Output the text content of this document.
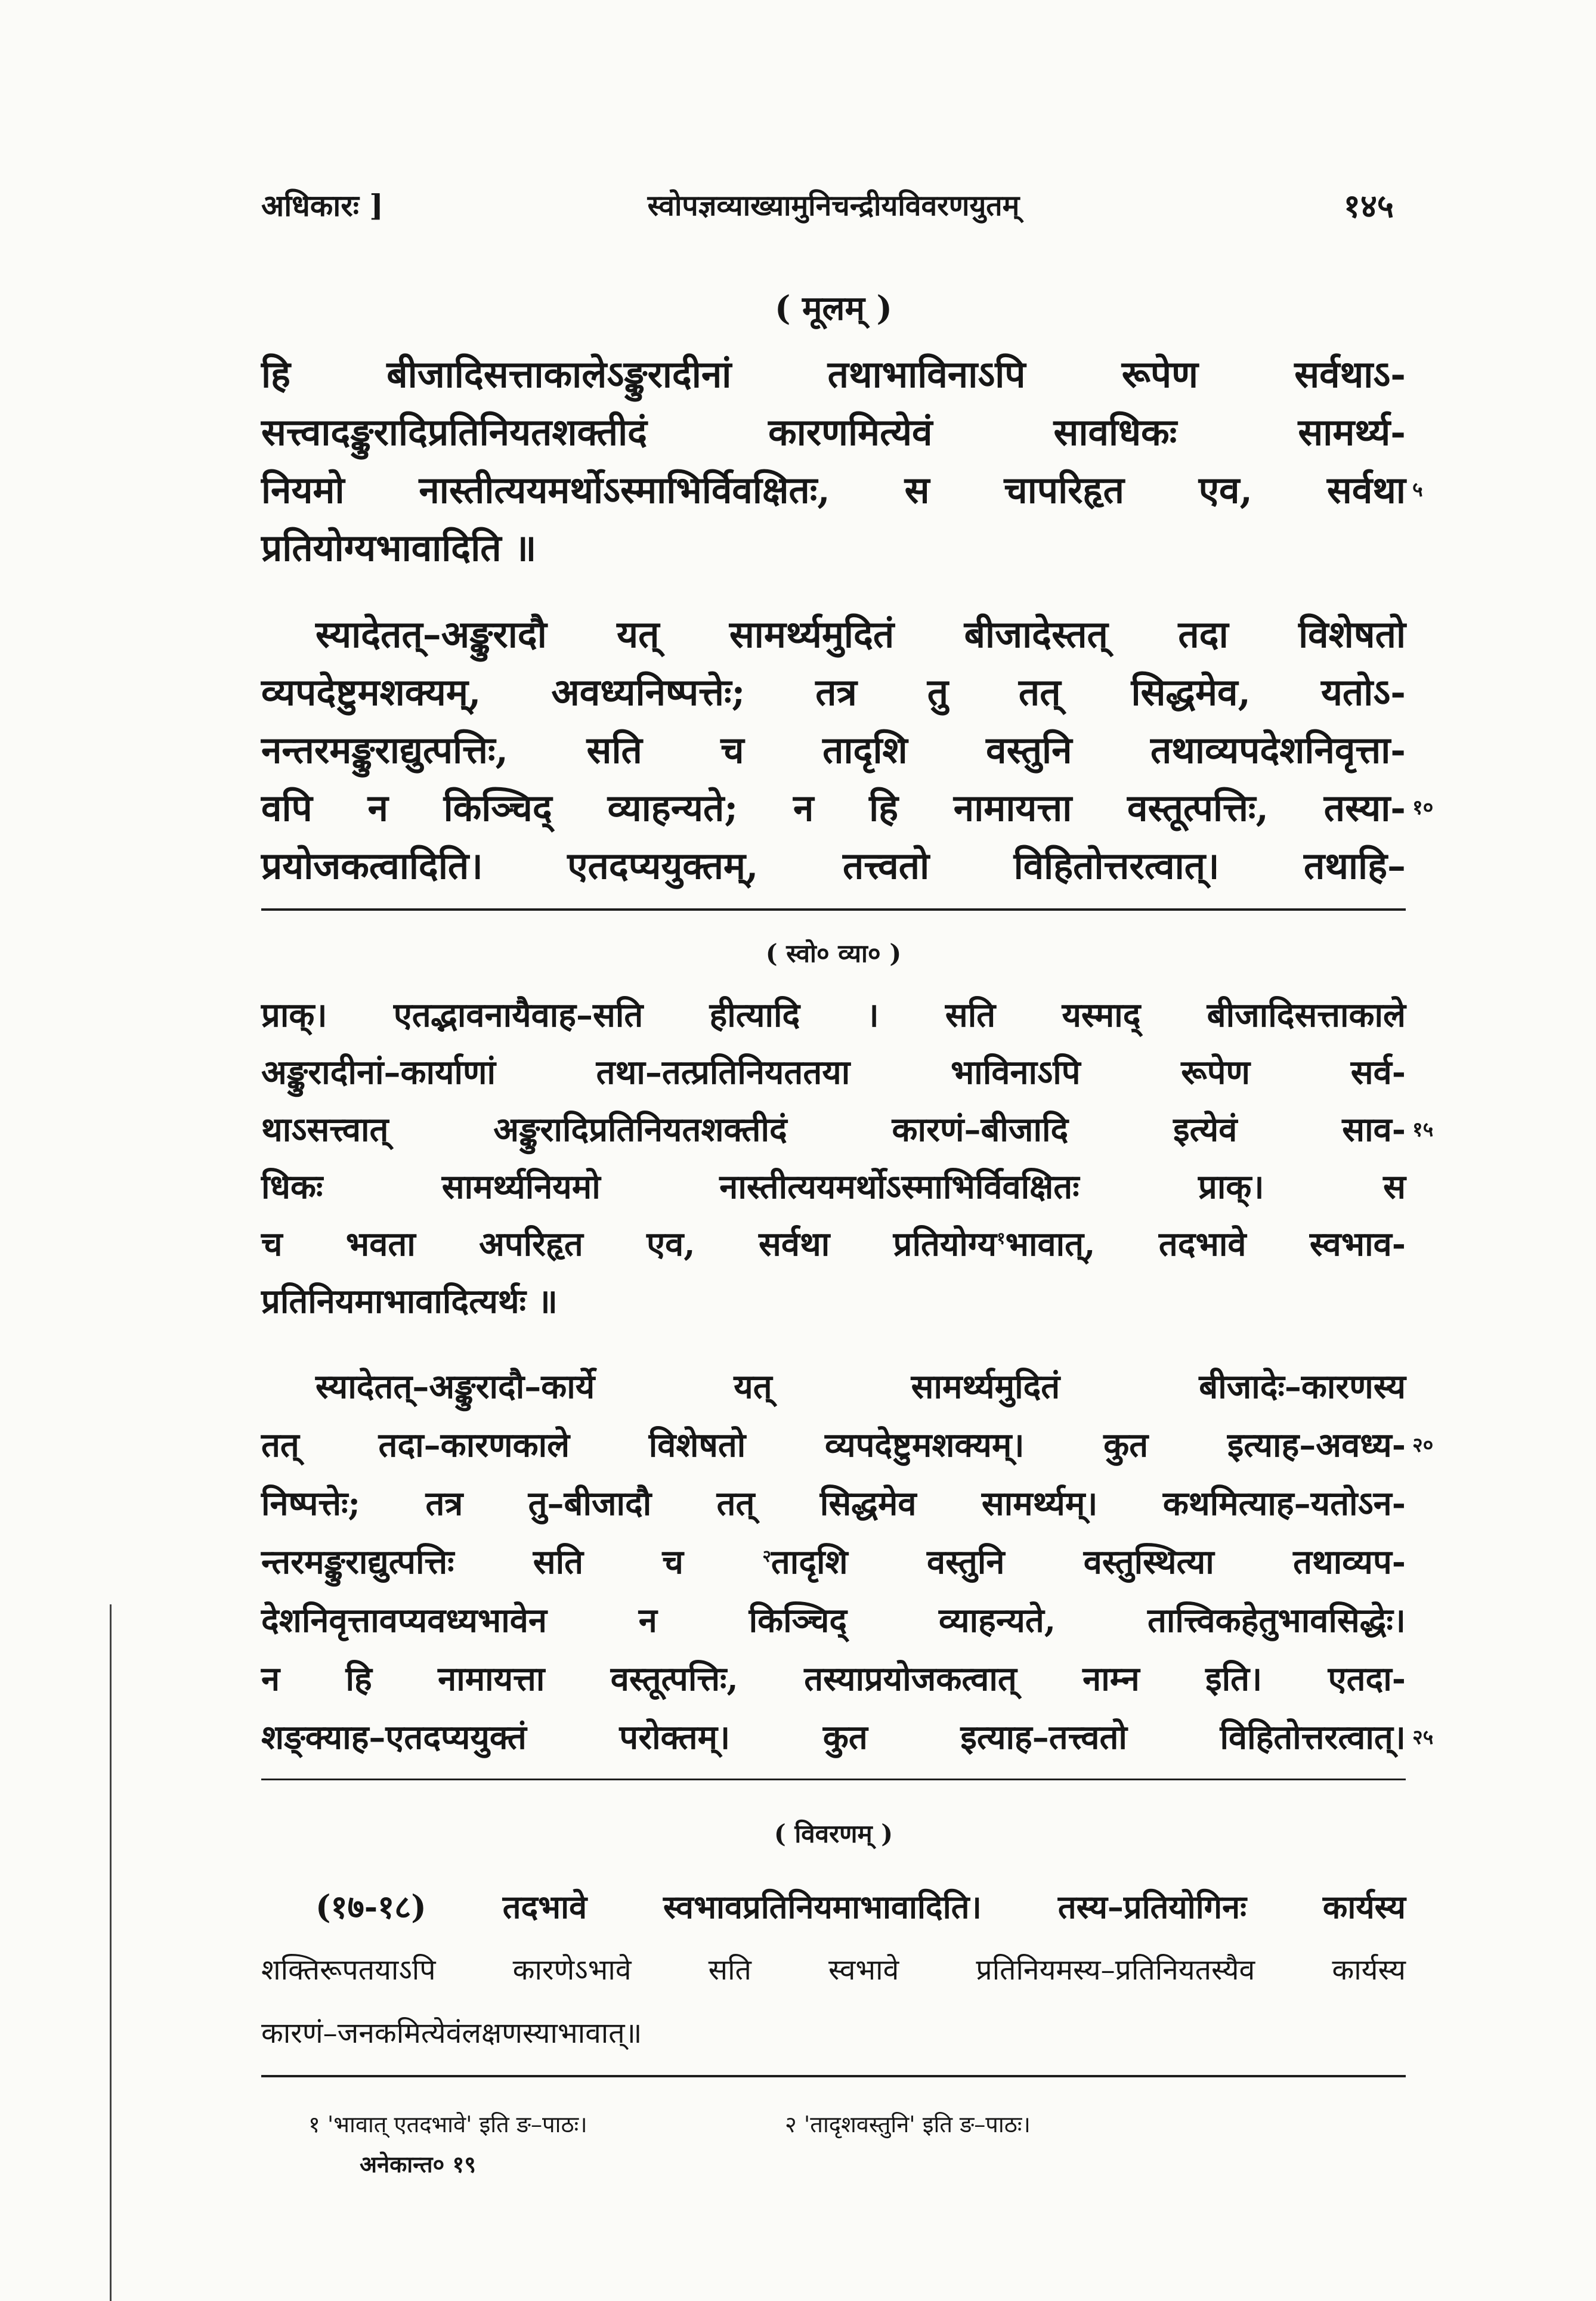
अधिकारः ]	स्वोपज्ञव्याख्यामुनिचन्द्रीयविवरणयुतम्	१४५
( मूलम् )
हि बीजादिसत्ताकालेऽङ्कुरादीनां तथाभाविनाऽपि रूपेण सर्वथाऽ-
सत्त्वादङ्कुरादिप्रतिनियतशक्तीदं कारणमित्येवं सावधिकः सामर्थ्य-
नियमो नास्तीत्ययमर्थोऽस्माभिर्विवक्षितः, स चापरिहृत एव, सर्वथा ५
प्रतियोग्यभावादिति ॥
स्यादेतत्–अङ्कुरादौ यत् सामर्थ्यमुदितं बीजादेस्तत् तदा विशेषतो
व्यपदेष्टुमशक्यम्, अवध्यनिष्पत्तेः; तत्र तु तत् सिद्धमेव, यतोऽ-
नन्तरमङ्कुराद्युत्पत्तिः, सति च तादृशि वस्तुनि तथाव्यपदेशनिवृत्ता-
वपि न किञ्चिद् व्याहन्यते; न हि नामायत्ता वस्तूत्पत्तिः, तस्या- १०
प्रयोजकत्वादिति। एतदप्ययुक्तम्, तत्त्वतो विहितोत्तरत्वात्। तथाहि–
( स्वो० व्या० )
प्राक्। एतद्भावनायैवाह–सति हीत्यादि । सति यस्माद् बीजादिसत्ताकाले
अङ्कुरादीनां–कार्याणां तथा–तत्प्रतिनियततया भाविनाऽपि रूपेण सर्व-
थाऽसत्त्वात् अङ्कुरादिप्रतिनियतशक्तीदं कारणं–बीजादि इत्येवं साव- १५
धिकः सामर्थ्यनियमो नास्तीत्ययमर्थोऽस्माभिर्विवक्षितः प्राक्। स
च भवता अपरिहृत एव, सर्वथा प्रतियोग्य$^१$भावात्, तदभावे स्वभाव-
प्रतिनियमाभावादित्यर्थः ॥
स्यादेतत्–अङ्कुरादौ–कार्ये यत् सामर्थ्यमुदितं बीजादेः–कारणस्य
तत् तदा–कारणकाले विशेषतो व्यपदेष्टुमशक्यम्। कुत इत्याह–अवध्य- २०
निष्पत्तेः; तत्र तु–बीजादौ तत् सिद्धमेव सामर्थ्यम्। कथमित्याह–यतोऽन-
न्तरमङ्कुराद्युत्पत्तिः सति च $^२$तादृशि वस्तुनि वस्तुस्थित्या तथाव्यप-
देशनिवृत्तावप्यवध्यभावेन न किञ्चिद् व्याहन्यते, तात्त्विकहेतुभावसिद्धेः।
न हि नामायत्ता वस्तूत्पत्तिः, तस्याप्रयोजकत्वात् नाम्न इति। एतदा-
शङ्क्याह–एतदप्ययुक्तं परोक्तम्। कुत इत्याह–तत्त्वतो विहितोत्तरत्वात्। २५
( विवरणम् )
(१७-१८) तदभावे स्वभावप्रतिनियमाभावादिति। तस्य–प्रतियोगिनः कार्यस्य
शक्तिरूपतयाऽपि कारणेऽभावे सति स्वभावे प्रतिनियमस्य–प्रतिनियतस्यैव कार्यस्य
कारणं–जनकमित्येवंलक्षणस्याभावात्॥
१ 'भावात् एतदभावे' इति ङ–पाठः।	२ 'तादृशवस्तुनि' इति ङ–पाठः।
अनेकान्त० १९
